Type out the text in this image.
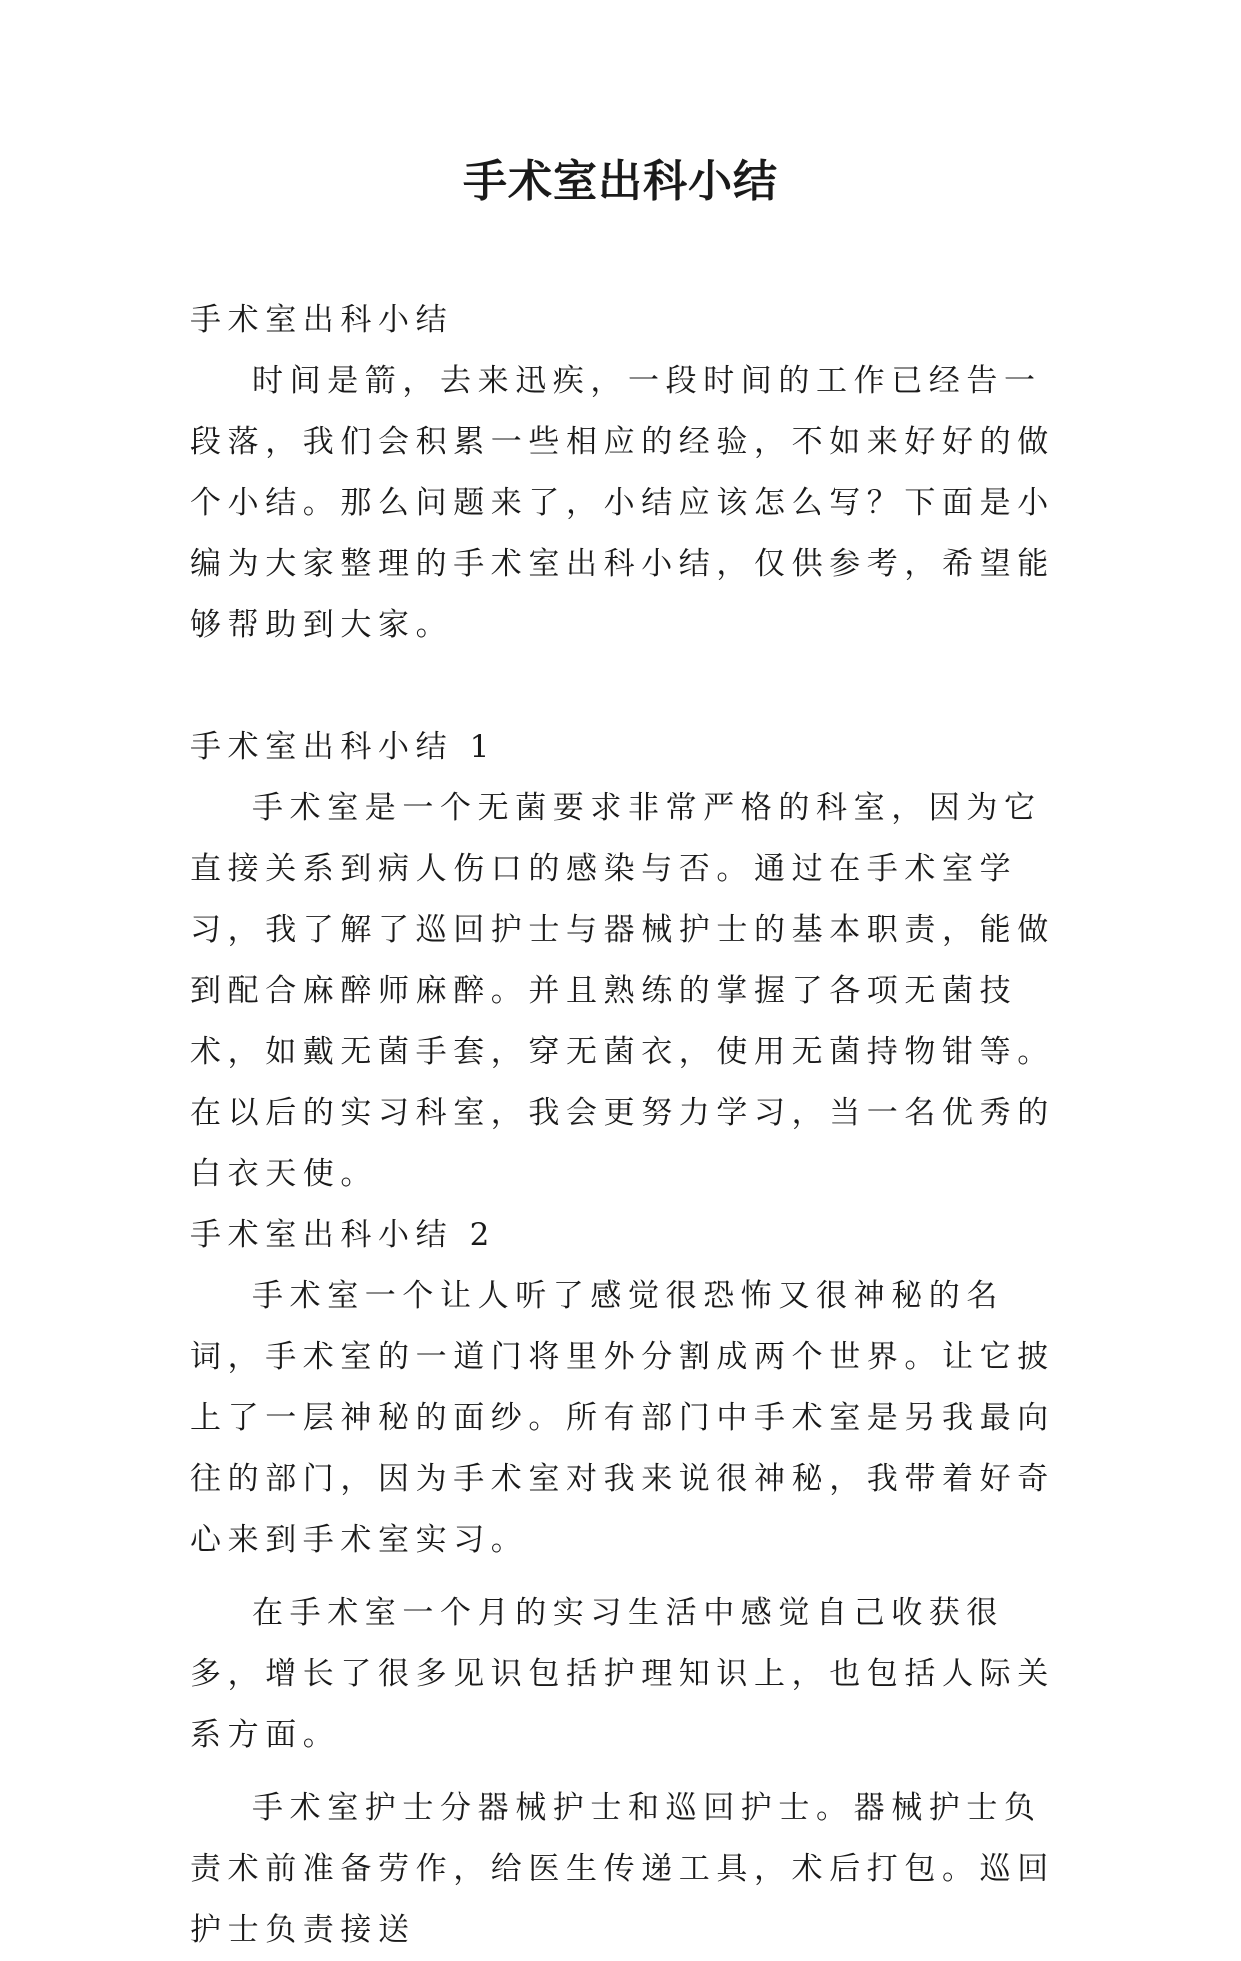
手术室出科小结

手术室出科小结

时间是箭，去来迅疾，一段时间的工作已经告一段落，我们会积累一些相应的经验，不如来好好的做个小结。那么问题来了，小结应该怎么写？下面是小编为大家整理的手术室出科小结，仅供参考，希望能够帮助到大家。

手术室出科小结 1

手术室是一个无菌要求非常严格的科室，因为它直接关系到病人伤口的感染与否。通过在手术室学习，我了解了巡回护士与器械护士的基本职责，能做到配合麻醉师麻醉。并且熟练的掌握了各项无菌技术，如戴无菌手套，穿无菌衣，使用无菌持物钳等。在以后的实习科室，我会更努力学习，当一名优秀的白衣天使。

手术室出科小结 2

手术室一个让人听了感觉很恐怖又很神秘的名词，手术室的一道门将里外分割成两个世界。让它披上了一层神秘的面纱。所有部门中手术室是另我最向往的部门，因为手术室对我来说很神秘，我带着好奇心来到手术室实习。

在手术室一个月的实习生活中感觉自己收获很多，增长了很多见识包括护理知识上，也包括人际关系方面。

手术室护士分器械护士和巡回护士。器械护士负责术前准备劳作，给医生传递工具，术后打包。巡回护士负责接送
